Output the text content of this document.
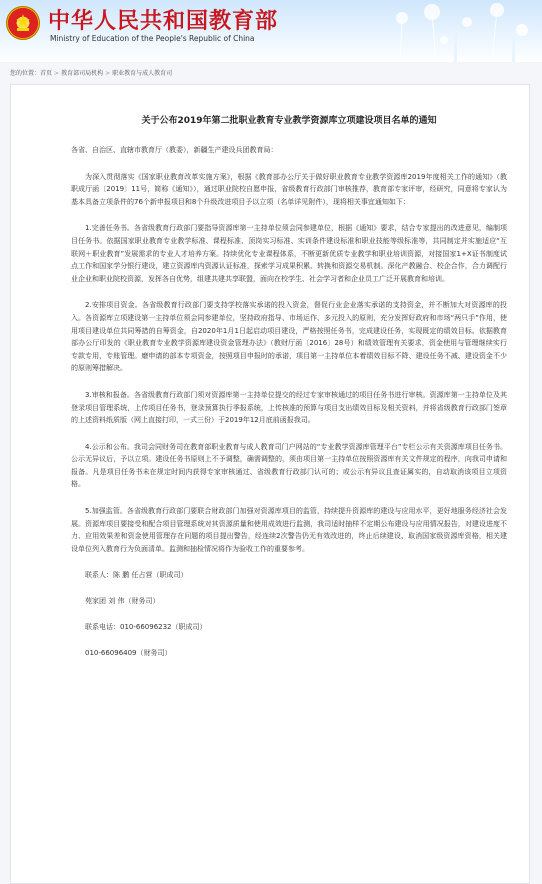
中华人民共和国教育部
Ministry of Education of the People's Republic of China
您的位置：首页 > 教育部司局机构 > 职业教育与成人教育司
关于公布2019年第二批职业教育专业教学资源库立项建设项目名单的通知
各省、自治区、直辖市教育厅（教委），新疆生产建设兵团教育局：
为深入贯彻落实《国家职业教育改革实施方案》，根据《教育部办公厅关于做好职业教育专业教学资源库2019年度相关工作的通知》（教职成厅函〔2019〕11号，简称《通知》），通过职业院校自愿申报，省级教育行政部门审核推荐，教育部专家评审，经研究，同意将专家认为基本具备立项条件的76个新申报项目和8个升级改进项目予以立项（名单详见附件），现将相关事宜通知如下：
1.完善任务书。各省级教育行政部门要指导资源库第一主持单位须会同参建单位，根据《通知》要求，结合专家提出的改进意见，编制项目任务书。依据国家职业教育专业教学标准、课程标准、顶岗实习标准、实训条件建设标准和职业技能等级标准等，共同制定并实施适应“互联网＋职业教育”发展需求的专业人才培养方案。持续优化专业课程体系，不断更新优质专业教学和职业培训资源，对接国家1+X证书制度试点工作和国家学分银行建设，建立资源库内资源认证标准，探索学习成果积累、转换和资源交易机制。深化产教融合、校企合作，合力调配行业企业和职业院校资源，发挥各自优势，组建共建共享联盟，面向在校学生、社会学习者和企业员工广泛开展教育和培训。
2.安排项目资金。各省级教育行政部门要支持学校落实承诺的投入资金，督促行业企业落实承诺的支持资金，并不断加大对资源库的投入。各资源库立项建设第一主持单位须会同参建单位，坚持政府指导、市场运作、多元投入的原则，充分发挥好政府和市场“两只手”作用，使用项目建设单位共同筹措的自筹资金，自2020年1月1日起启动项目建设，严格按照任务书，完成建设任务，实现既定的绩效目标。依据教育部办公厅印发的《职业教育专业教学资源库建设资金管理办法》（教财厅函〔2016〕28号）和绩效管理有关要求，资金使用与管理继续实行专款专用，专账管理。磨申请的部本专项资金，按照项目申报时的承诺，项目第一主持单位本着绩效目标不降、建设任务不减、建设资金不少的原则筹措解决。
3.审核和报备。各省级教育行政部门须对资源库第一主持单位提交的经过专家审核通过的项目任务书进行审核。资源库第一主持单位及其登录项目管理系统，上传项目任务书，登录预算执行季报系统，上传核准的预算与项目支出绩效目标及相关资料，并将省级教育行政部门签章的上述资料纸质版（网上直接打印，一式三份）于2019年12月底前函报我司。
4.公示和公布。我司会同财务司在教育部职业教育与成人教育司门户网站的“专业教学资源库管理平台”专栏公示有关资源库项目任务书。公示无异议后，予以立项。建设任务书原则上不予调整，确需调整的，须由项目第一主持单位按照资源库有关文件规定的程序，向我司申请和报备。凡是项目任务书未在规定时间内获得专家审核通过、省级教育行政部门认可的；或公示有异议且查证属实的，自动取消该项目立项资格。
5.加强监管。各省级教育行政部门要联合财政部门加强对资源库项目的监管，持续提升资源库的建设与应用水平，更好地服务经济社会发展。资源库项目要接受和配合项目管理系统对其资源质量和使用成效进行监测，我司适时抽样不定期公布建设与应用情况报告，对建设进度不力、应用效果差和资金使用管理存在问题的项目提出警告，经连续2次警告仍无有效改进的，终止后续建设、取消国家级资源库资格，相关建设单位列入教育行为负面清单。监测和抽检情况将作为验收工作的重要参考。
联系人：陈 鹏 任占营（职成司）
苑家团 刘 伟（财务司）
联系电话：010-66096232（职成司）
010-66096409（财务司）
